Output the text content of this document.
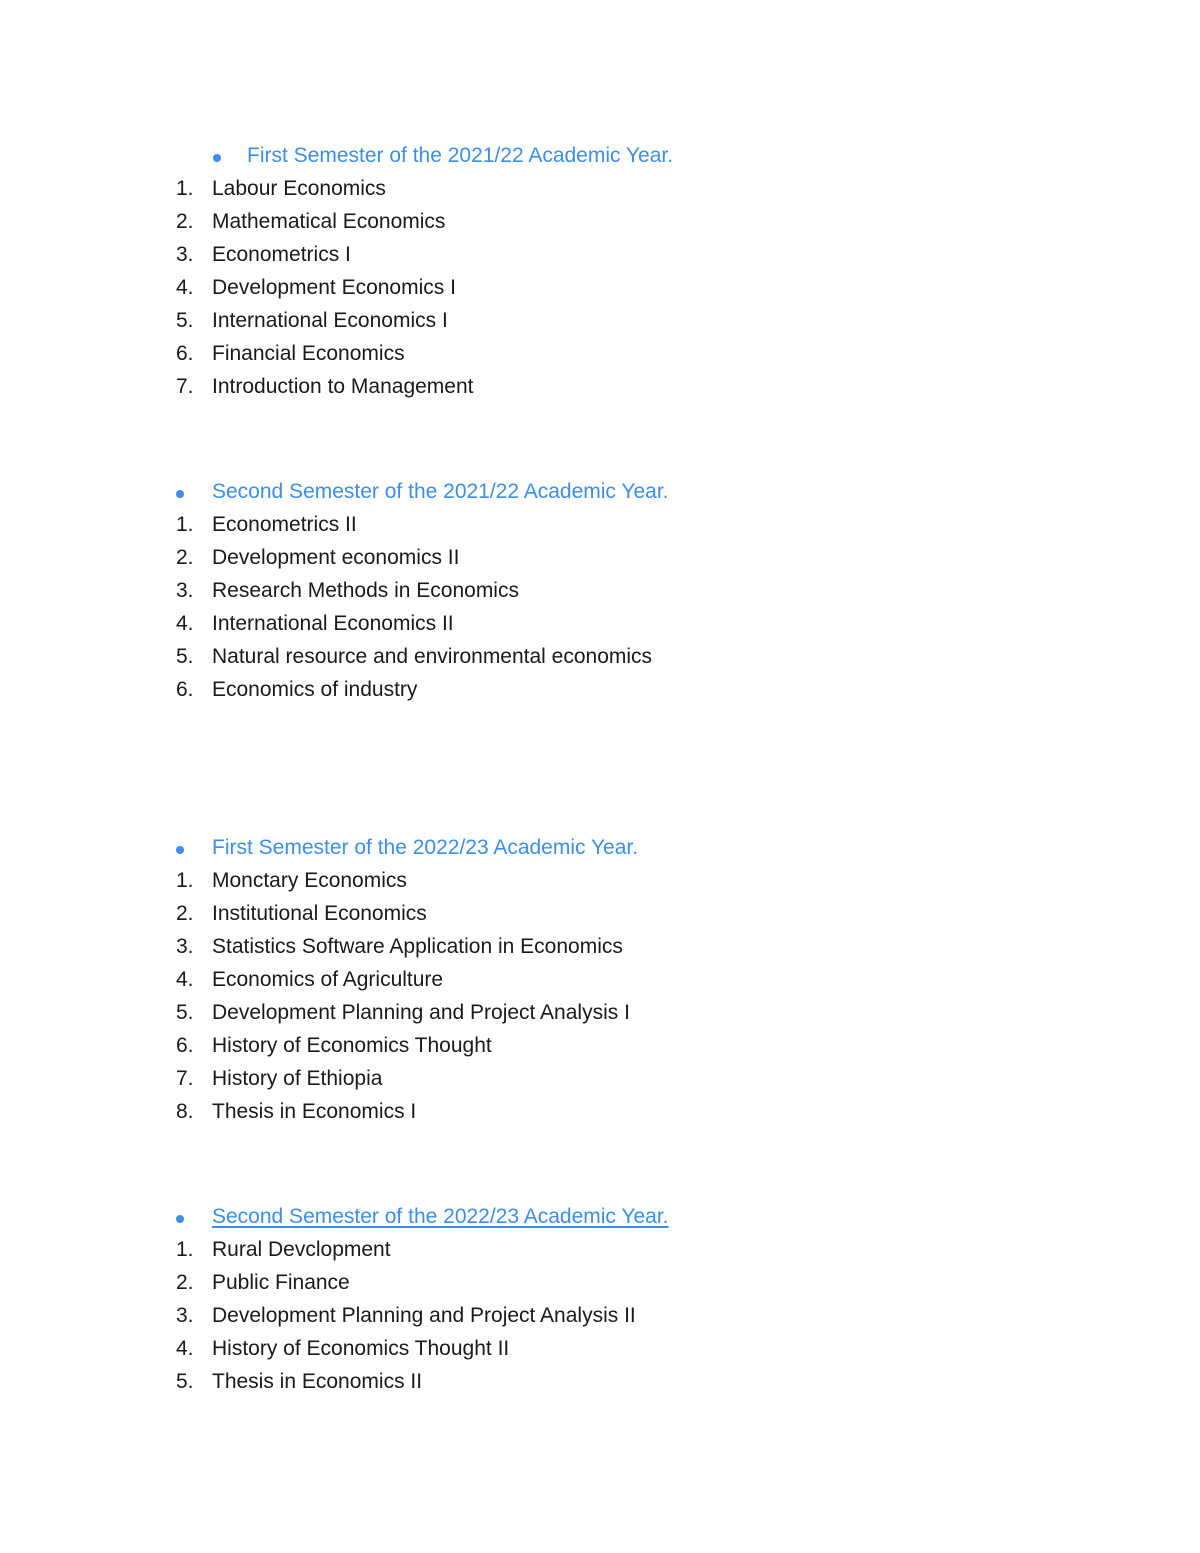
First Semester of the 2021/22 Academic Year.
1. Labour Economics
2. Mathematical Economics
3. Econometrics I
4. Development Economics I
5. International Economics I
6. Financial Economics
7. Introduction to Management
Second Semester of the 2021/22 Academic Year.
1. Econometrics II
2. Development economics II
3. Research Methods in Economics
4. International Economics II
5. Natural resource and environmental economics
6. Economics of industry
First Semester of the 2022/23 Academic Year.
1. Monctary Economics
2. Institutional Economics
3. Statistics Software Application in Economics
4. Economics of Agriculture
5. Development Planning and Project Analysis I
6. History of Economics Thought
7. History of Ethiopia
8. Thesis in Economics I
Second Semester of the 2022/23 Academic Year.
1. Rural Devclopment
2. Public Finance
3. Development Planning and Project Analysis II
4. History of Economics Thought II
5. Thesis in Economics II
